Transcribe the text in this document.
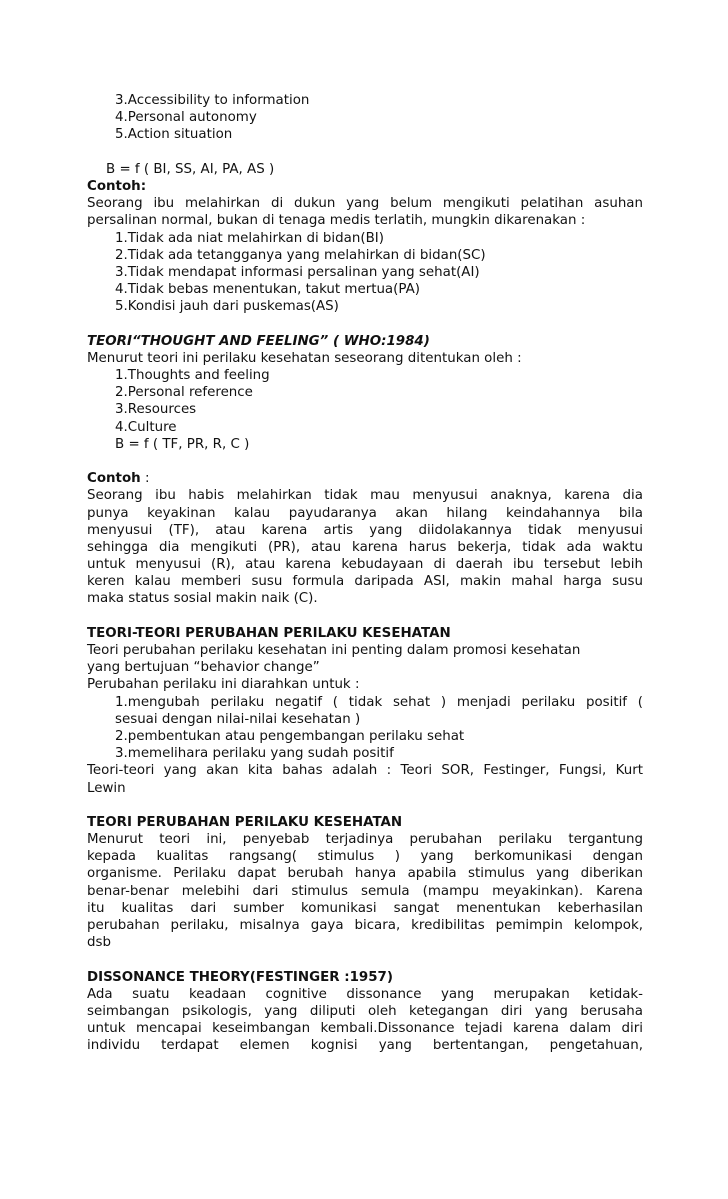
3.Accessibility to information
4.Personal autonomy
5.Action situation
B = f ( BI, SS, AI, PA, AS )
Contoh:
Seorang ibu melahirkan di dukun yang belum mengikuti pelatihan asuhan
persalinan normal, bukan di tenaga medis terlatih, mungkin dikarenakan :
1.Tidak ada niat melahirkan di bidan(BI)
2.Tidak ada tetangganya yang melahirkan di bidan(SC)
3.Tidak mendapat informasi persalinan yang sehat(AI)
4.Tidak bebas menentukan, takut mertua(PA)
5.Kondisi jauh dari puskemas(AS)
TEORI“THOUGHT AND FEELING” ( WHO:1984)
Menurut teori ini perilaku kesehatan seseorang ditentukan oleh :
1.Thoughts and feeling
2.Personal reference
3.Resources
4.Culture
B = f ( TF, PR, R, C )
Contoh :
Seorang ibu habis melahirkan tidak mau menyusui anaknya, karena dia
punya keyakinan kalau payudaranya akan hilang keindahannya bila
menyusui (TF), atau karena artis yang diidolakannya tidak menyusui
sehingga dia mengikuti (PR), atau karena harus bekerja, tidak ada waktu
untuk menyusui (R), atau karena kebudayaan di daerah ibu tersebut lebih
keren kalau memberi susu formula daripada ASI, makin mahal harga susu
maka status sosial makin naik (C).
TEORI-TEORI PERUBAHAN PERILAKU KESEHATAN
Teori perubahan perilaku kesehatan ini penting dalam promosi kesehatan
yang bertujuan “behavior change”
Perubahan perilaku ini diarahkan untuk :
1.mengubah perilaku negatif ( tidak sehat ) menjadi perilaku positif (
sesuai dengan nilai-nilai kesehatan )
2.pembentukan atau pengembangan perilaku sehat
3.memelihara perilaku yang sudah positif
Teori-teori yang akan kita bahas adalah : Teori SOR, Festinger, Fungsi, Kurt
Lewin
TEORI PERUBAHAN PERILAKU KESEHATAN
Menurut teori ini, penyebab terjadinya perubahan perilaku tergantung
kepada kualitas rangsang( stimulus ) yang berkomunikasi dengan
organisme. Perilaku dapat berubah hanya apabila stimulus yang diberikan
benar-benar melebihi dari stimulus semula (mampu meyakinkan). Karena
itu kualitas dari sumber komunikasi sangat menentukan keberhasilan
perubahan perilaku, misalnya gaya bicara, kredibilitas pemimpin kelompok,
dsb
DISSONANCE THEORY(FESTINGER :1957)
Ada suatu keadaan cognitive dissonance yang merupakan ketidak-
seimbangan psikologis, yang diliputi oleh ketegangan diri yang berusaha
untuk mencapai keseimbangan kembali.Dissonance tejadi karena dalam diri
individu terdapat elemen kognisi yang bertentangan, pengetahuan,
